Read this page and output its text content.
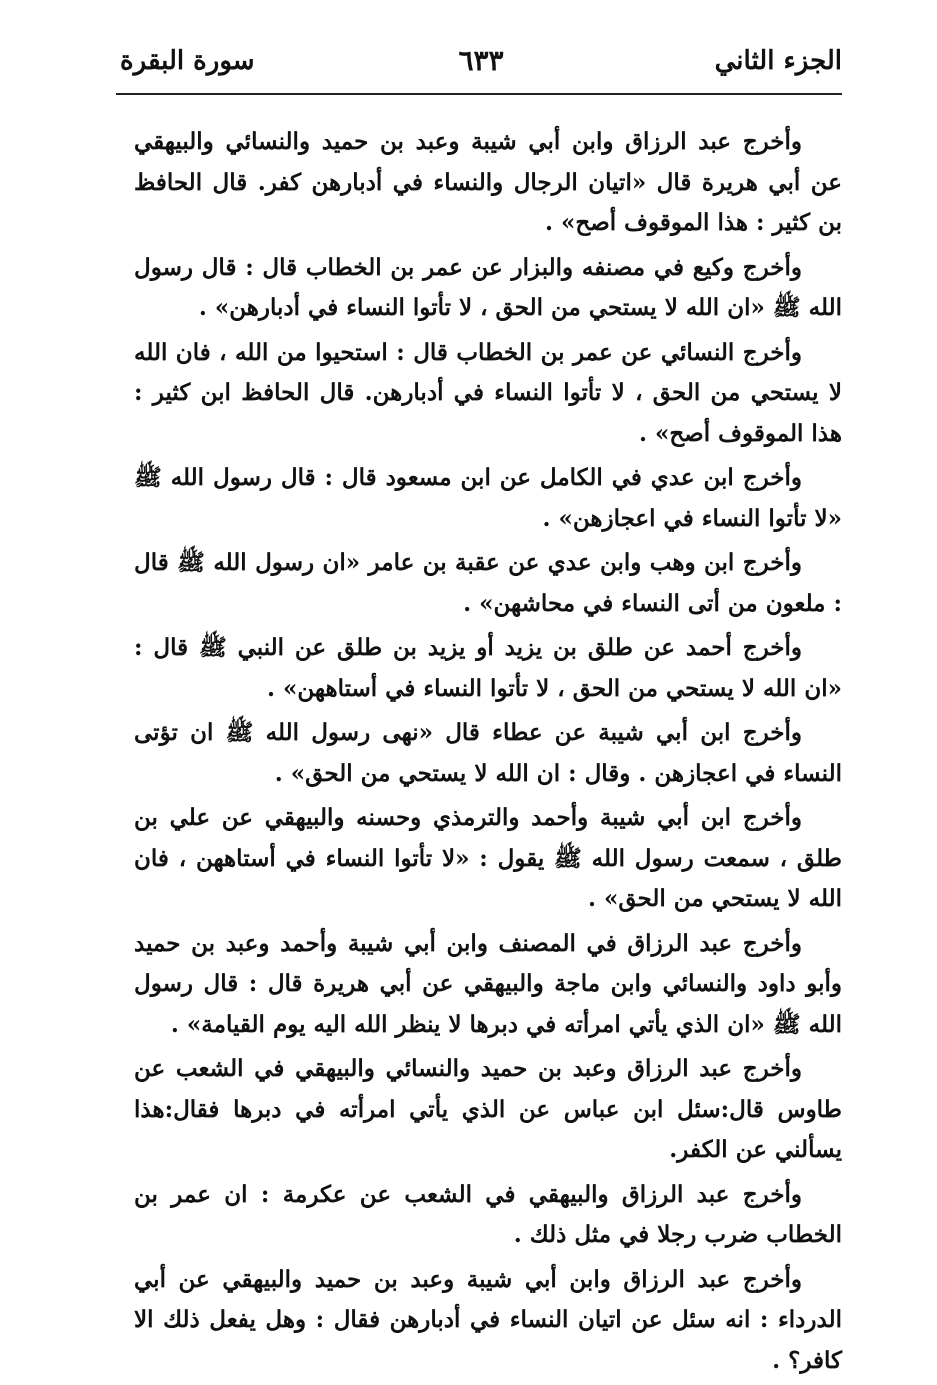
الجزء الثاني
٦٣٣
سورة البقرة

وأخرج عبد الرزاق وابن أبي شيبة وعبد بن حميد والنسائي والبيهقي عن أبي هريرة قال «اتيان الرجال والنساء في أدبارهن كفر. قال الحافظ بن كثير : هذا الموقوف أصح» .

وأخرج وكيع في مصنفه والبزار عن عمر بن الخطاب قال : قال رسول الله ﷺ «ان الله لا يستحي من الحق ، لا تأتوا النساء في أدبارهن» .

وأخرج النسائي عن عمر بن الخطاب قال : استحيوا من الله ، فان الله لا يستحي من الحق ، لا تأتوا النساء في أدبارهن. قال الحافظ ابن كثير : هذا الموقوف أصح» .

وأخرج ابن عدي في الكامل عن ابن مسعود قال : قال رسول الله ﷺ «لا تأتوا النساء في اعجازهن» .

وأخرج ابن وهب وابن عدي عن عقبة بن عامر «ان رسول الله ﷺ قال : ملعون من أتى النساء في محاشهن» .

وأخرج أحمد عن طلق بن يزيد أو يزيد بن طلق عن النبي ﷺ قال : «ان الله لا يستحي من الحق ، لا تأتوا النساء في أستاههن» .

وأخرج ابن أبي شيبة عن عطاء قال «نهى رسول الله ﷺ ان تؤتى النساء في اعجازهن . وقال : ان الله لا يستحي من الحق» .

وأخرج ابن أبي شيبة وأحمد والترمذي وحسنه والبيهقي عن علي بن طلق ، سمعت رسول الله ﷺ يقول : «لا تأتوا النساء في أستاههن ، فان الله لا يستحي من الحق» .

وأخرج عبد الرزاق في المصنف وابن أبي شيبة وأحمد وعبد بن حميد وأبو داود والنسائي وابن ماجة والبيهقي عن أبي هريرة قال : قال رسول الله ﷺ «ان الذي يأتي امرأته في دبرها لا ينظر الله اليه يوم القيامة» .

وأخرج عبد الرزاق وعبد بن حميد والنسائي والبيهقي في الشعب عن طاوس قال:سئل ابن عباس عن الذي يأتي امرأته في دبرها فقال:هذا يسألني عن الكفر.

وأخرج عبد الرزاق والبيهقي في الشعب عن عكرمة : ان عمر بن الخطاب ضرب رجلا في مثل ذلك .

وأخرج عبد الرزاق وابن أبي شيبة وعبد بن حميد والبيهقي عن أبي الدرداء : انه سئل عن اتيان النساء في أدبارهن فقال : وهل يفعل ذلك الا كافر؟ .
